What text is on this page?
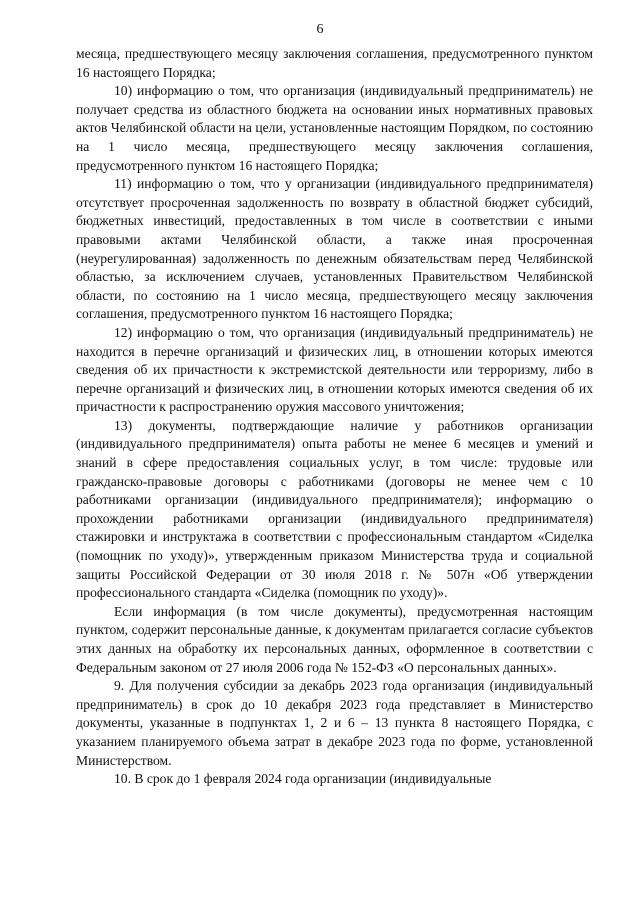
6

месяца, предшествующего месяцу заключения соглашения, предусмотренного пунктом 16 настоящего Порядка;

10) информацию о том, что организация (индивидуальный предприниматель) не получает средства из областного бюджета на основании иных нормативных правовых актов Челябинской области на цели, установленные настоящим Порядком, по состоянию на 1 число месяца, предшествующего месяцу заключения соглашения, предусмотренного пунктом 16 настоящего Порядка;

11) информацию о том, что у организации (индивидуального предпринимателя) отсутствует просроченная задолженность по возврату в областной бюджет субсидий, бюджетных инвестиций, предоставленных в том числе в соответствии с иными правовыми актами Челябинской области, а также иная просроченная (неурегулированная) задолженность по денежным обязательствам перед Челябинской областью, за исключением случаев, установленных Правительством Челябинской области, по состоянию на 1 число месяца, предшествующего месяцу заключения соглашения, предусмотренного пунктом 16 настоящего Порядка;

12) информацию о том, что организация (индивидуальный предприниматель) не находится в перечне организаций и физических лиц, в отношении которых имеются сведения об их причастности к экстремистской деятельности или терроризму, либо в перечне организаций и физических лиц, в отношении которых имеются сведения об их причастности к распространению оружия массового уничтожения;

13) документы, подтверждающие наличие у работников организации (индивидуального предпринимателя) опыта работы не менее 6 месяцев и умений и знаний в сфере предоставления социальных услуг, в том числе: трудовые или гражданско-правовые договоры с работниками (договоры не менее чем с 10 работниками организации (индивидуального предпринимателя); информацию о прохождении работниками организации (индивидуального предпринимателя) стажировки и инструктажа в соответствии с профессиональным стандартом «Сиделка (помощник по уходу)», утвержденным приказом Министерства труда и социальной защиты Российской Федерации от 30 июля 2018 г. № 507н «Об утверждении профессионального стандарта «Сиделка (помощник по уходу)».

Если информация (в том числе документы), предусмотренная настоящим пунктом, содержит персональные данные, к документам прилагается согласие субъектов этих данных на обработку их персональных данных, оформленное в соответствии с Федеральным законом от 27 июля 2006 года № 152-ФЗ «О персональных данных».

9. Для получения субсидии за декабрь 2023 года организация (индивидуальный предприниматель) в срок до 10 декабря 2023 года представляет в Министерство документы, указанные в подпунктах 1, 2 и 6 – 13 пункта 8 настоящего Порядка, с указанием планируемого объема затрат в декабре 2023 года по форме, установленной Министерством.

10. В срок до 1 февраля 2024 года организации (индивидуальные
